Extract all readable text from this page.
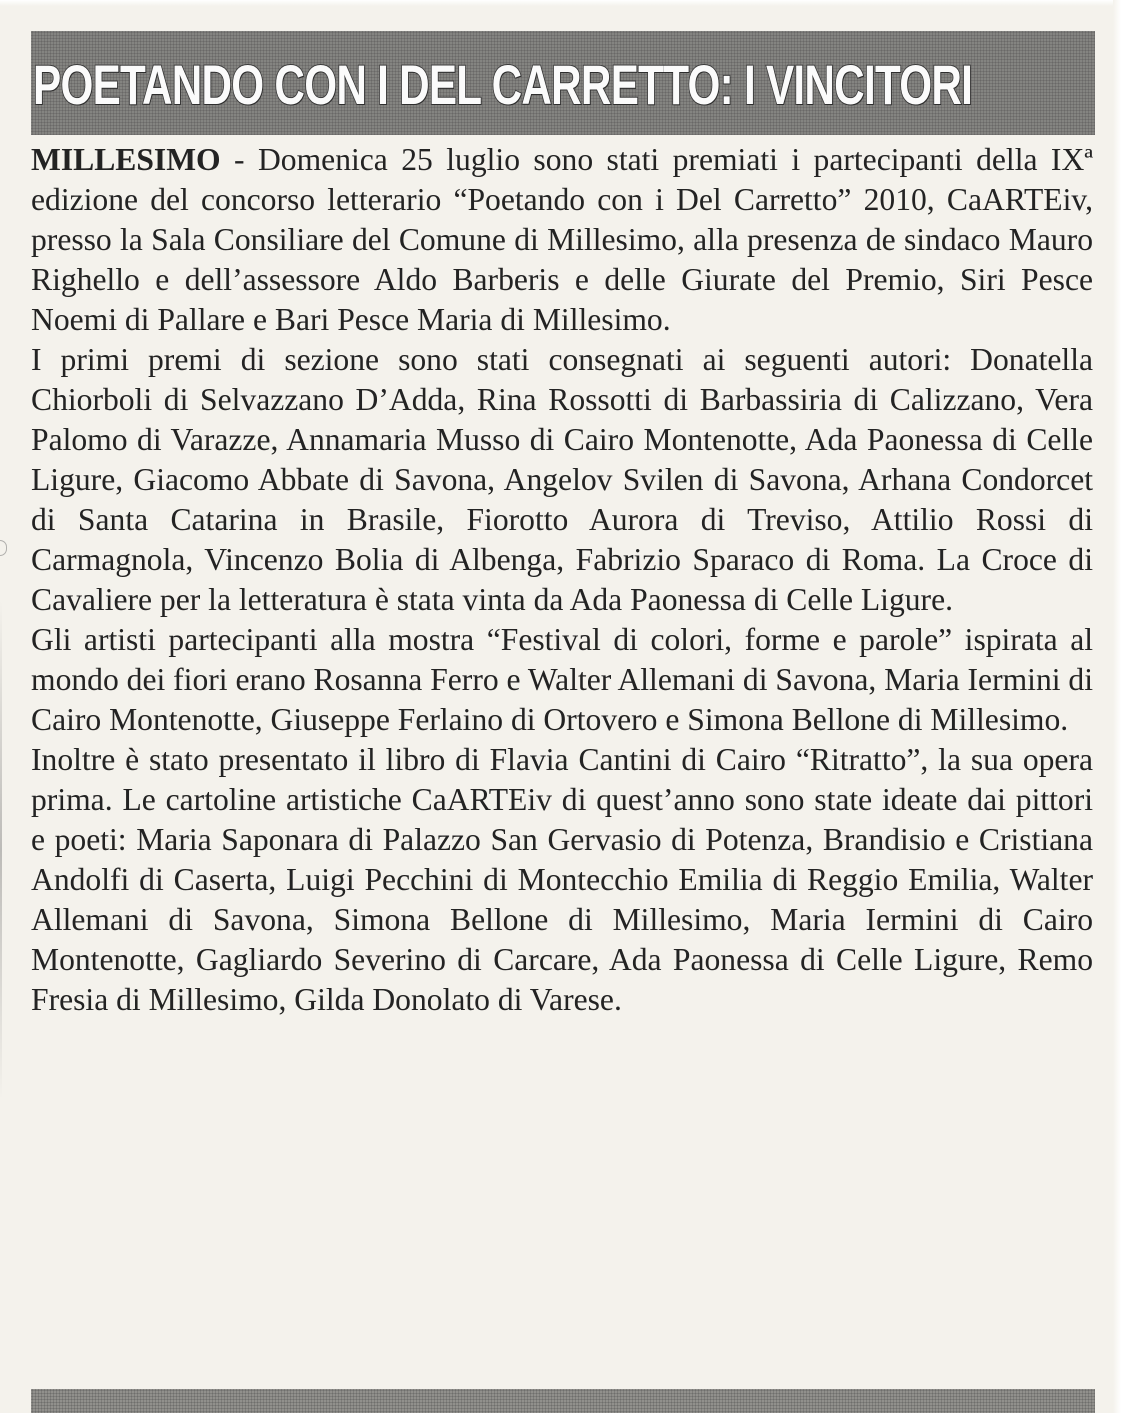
POETANDO CON I DEL CARRETTO: I VINCITORI

MILLESIMO - Domenica 25 luglio sono stati premiati i partecipanti della IXª edizione del concorso letterario “Poetando con i Del Carretto” 2010, CaARTEiv, presso la Sala Consiliare del Comune di Millesimo, alla presenza de sindaco Mauro Righello e dell’assessore Aldo Barberis e delle Giurate del Premio, Siri Pesce Noemi di Pallare e Bari Pesce Maria di Millesimo.

I primi premi di sezione sono stati consegnati ai seguenti autori: Donatella Chiorboli di Selvazzano D’Adda, Rina Rossotti di Barbassiria di Calizzano, Vera Palomo di Varazze, Annamaria Musso di Cairo Montenotte, Ada Paonessa di Celle Ligure, Giacomo Abbate di Savona, Angelov Svilen di Savona, Arhana Condorcet di Santa Catarina in Brasile, Fiorotto Aurora di Treviso, Attilio Rossi di Carmagnola, Vincenzo Bolia di Albenga, Fabrizio Sparaco di Roma. La Croce di Cavaliere per la letteratura è stata vinta da Ada Paonessa di Celle Ligure.

Gli artisti partecipanti alla mostra “Festival di colori, forme e parole” ispirata al mondo dei fiori erano Rosanna Ferro e Walter Allemani di Savona, Maria Iermini di Cairo Montenotte, Giuseppe Ferlaino di Ortovero e Simona Bellone di Millesimo.

Inoltre è stato presentato il libro di Flavia Cantini di Cairo “Ritratto”, la sua opera prima. Le cartoline artistiche CaARTEiv di quest’anno sono state ideate dai pittori e poeti: Maria Saponara di Palazzo San Gervasio di Potenza, Brandisio e Cristiana Andolfi di Caserta, Luigi Pecchini di Montecchio Emilia di Reggio Emilia, Walter Allemani di Savona, Simona Bellone di Millesimo, Maria Iermini di Cairo Montenotte, Gagliardo Severino di Carcare, Ada Paonessa di Celle Ligure, Remo Fresia di Millesimo, Gilda Donolato di Varese.
